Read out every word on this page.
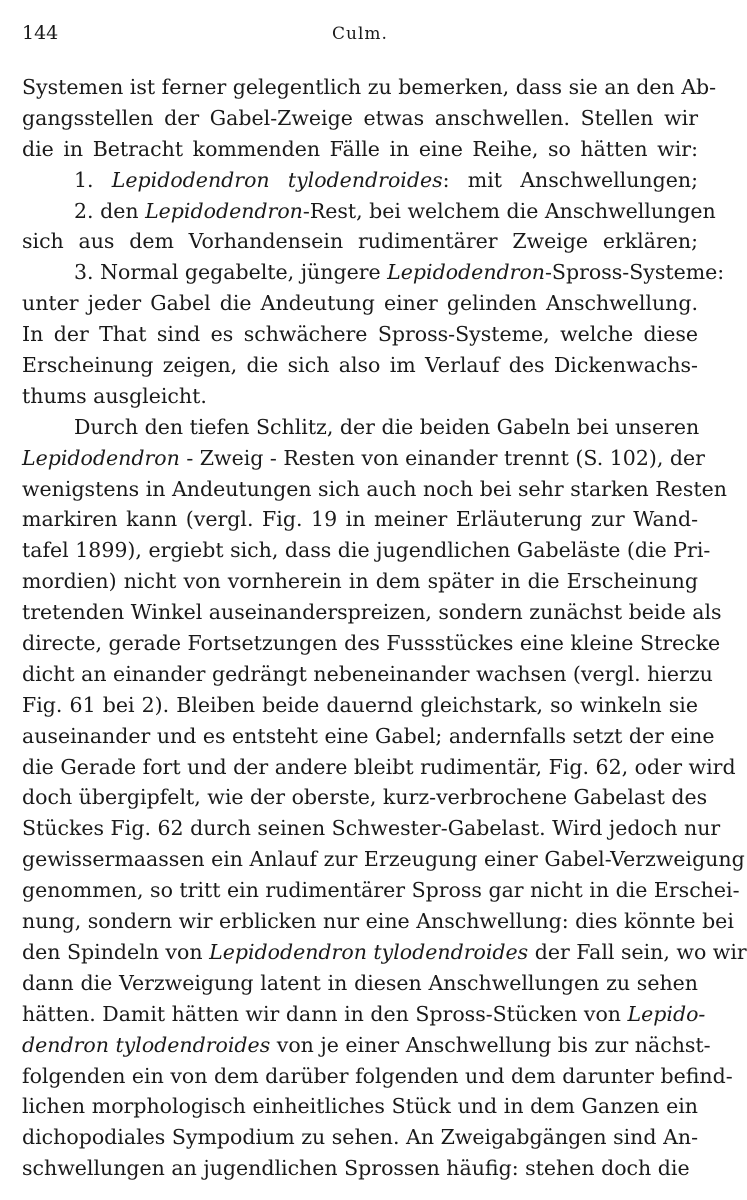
144	Culm.
Systemen ist ferner gelegentlich zu bemerken, dass sie an den Ab-
gangsstellen der Gabel-Zweige etwas anschwellen. Stellen wir
die in Betracht kommenden Fälle in eine Reihe, so hätten wir:
1. Lepidodendron tylodendroides: mit Anschwellungen;
2. den Lepidodendron-Rest, bei welchem die Anschwellungen
sich aus dem Vorhandensein rudimentärer Zweige erklären;
3. Normal gegabelte, jüngere Lepidodendron-Spross-Systeme:
unter jeder Gabel die Andeutung einer gelinden Anschwellung.
In der That sind es schwächere Spross-Systeme, welche diese
Erscheinung zeigen, die sich also im Verlauf des Dickenwachs-
thums ausgleicht.
Durch den tiefen Schlitz, der die beiden Gabeln bei unseren
Lepidodendron - Zweig - Resten von einander trennt (S. 102), der
wenigstens in Andeutungen sich auch noch bei sehr starken Resten
markiren kann (vergl. Fig. 19 in meiner Erläuterung zur Wand-
tafel 1899), ergiebt sich, dass die jugendlichen Gabeläste (die Pri-
mordien) nicht von vornherein in dem später in die Erscheinung
tretenden Winkel auseinanderspreizen, sondern zunächst beide als
directe, gerade Fortsetzungen des Fussstückes eine kleine Strecke
dicht an einander gedrängt nebeneinander wachsen (vergl. hierzu
Fig. 61 bei 2). Bleiben beide dauernd gleichstark, so winkeln sie
auseinander und es entsteht eine Gabel; andernfalls setzt der eine
die Gerade fort und der andere bleibt rudimentär, Fig. 62, oder wird
doch übergipfelt, wie der oberste, kurz-verbrochene Gabelast des
Stückes Fig. 62 durch seinen Schwester-Gabelast. Wird jedoch nur
gewissermaassen ein Anlauf zur Erzeugung einer Gabel-Verzweigung
genommen, so tritt ein rudimentärer Spross gar nicht in die Erschei-
nung, sondern wir erblicken nur eine Anschwellung: dies könnte bei
den Spindeln von Lepidodendron tylodendroides der Fall sein, wo wir
dann die Verzweigung latent in diesen Anschwellungen zu sehen
hätten. Damit hätten wir dann in den Spross-Stücken von Lepido-
dendron tylodendroides von je einer Anschwellung bis zur nächst-
folgenden ein von dem darüber folgenden und dem darunter befind-
lichen morphologisch einheitliches Stück und in dem Ganzen ein
dichopodiales Sympodium zu sehen. An Zweigabgängen sind An-
schwellungen an jugendlichen Sprossen häufig: stehen doch die
